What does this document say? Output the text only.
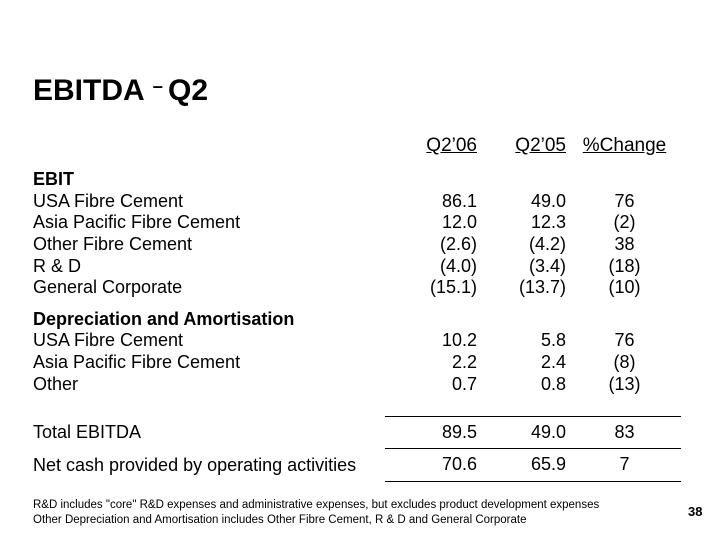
EBITDA – Q2
Q2’06	Q2’05 %Change
EBIT
USA Fibre Cement	86.1	49.0	76
Asia Pacific Fibre Cement	12.0	12.3	(2)
Other Fibre Cement	(2.6)	(4.2)	38
R & D	(4.0)	(3.4)	(18)
General Corporate	(15.1)	(13.7)	(10)
Depreciation and Amortisation
USA Fibre Cement	10.2	5.8	76
Asia Pacific Fibre Cement	2.2	2.4	(8)
Other	0.7	0.8	(13)
Total EBITDA	89.5	49.0	83
Net cash provided by operating activities	70.6	65.9	7
R&D includes "core" R&D expenses and administrative expenses, but excludes product development expenses
Other Depreciation and Amortisation includes Other Fibre Cement, R & D and General Corporate
38
